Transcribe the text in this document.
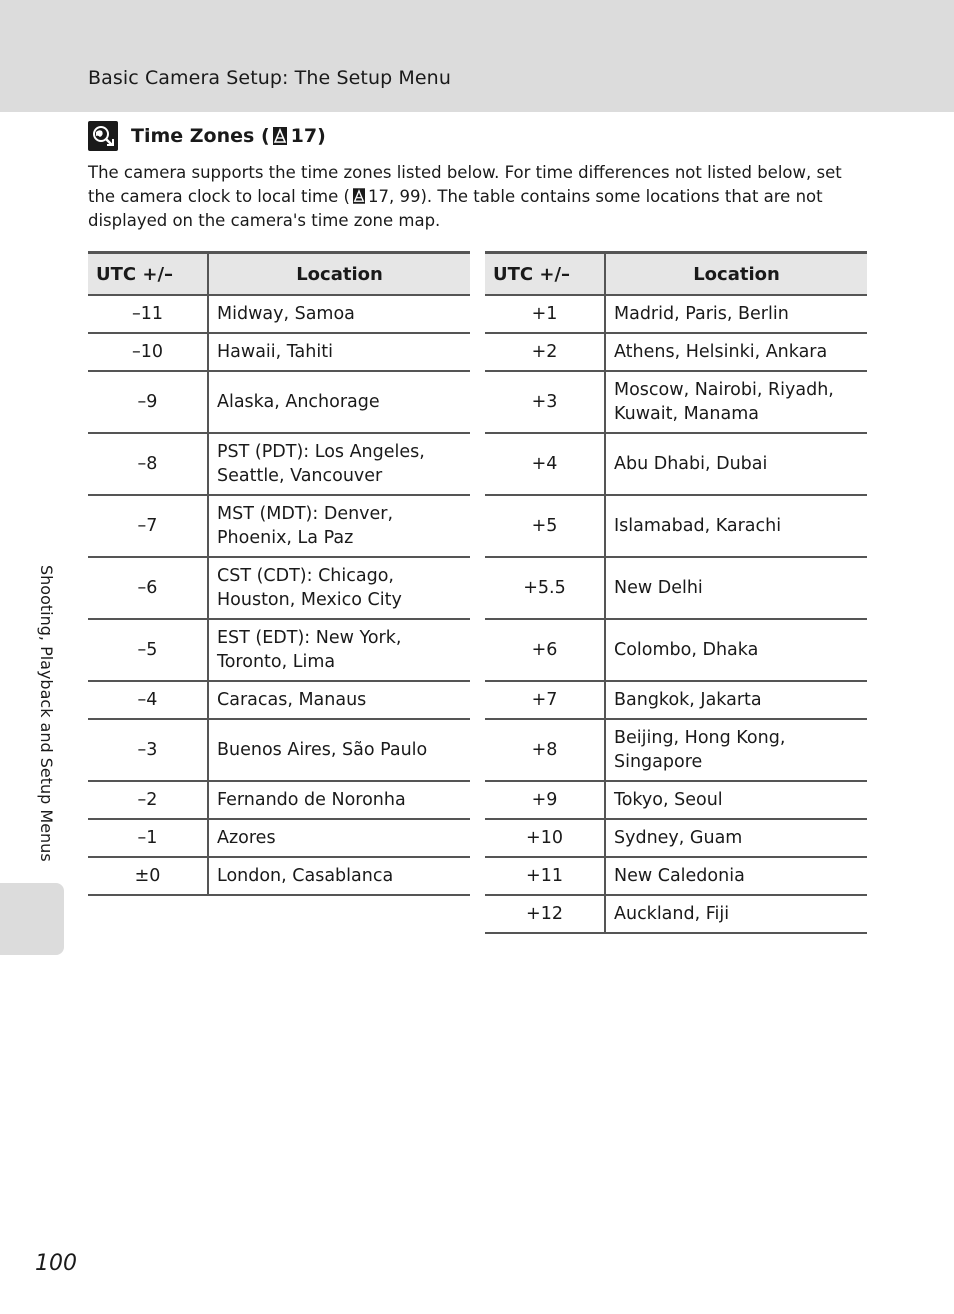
Basic Camera Setup: The Setup Menu
Time Zones ( 17)

The camera supports the time zones listed below. For time differences not listed below, set the camera clock to local time ( 17, 99). The table contains some locations that are not displayed on the camera's time zone map.

UTC +/–	Location
–11	Midway, Samoa
–10	Hawaii, Tahiti
–9	Alaska, Anchorage
–8	PST (PDT): Los Angeles, Seattle, Vancouver
–7	MST (MDT): Denver, Phoenix, La Paz
–6	CST (CDT): Chicago, Houston, Mexico City
–5	EST (EDT): New York, Toronto, Lima
–4	Caracas, Manaus
–3	Buenos Aires, São Paulo
–2	Fernando de Noronha
–1	Azores
±0	London, Casablanca
UTC +/–	Location
+1	Madrid, Paris, Berlin
+2	Athens, Helsinki, Ankara
+3	Moscow, Nairobi, Riyadh, Kuwait, Manama
+4	Abu Dhabi, Dubai
+5	Islamabad, Karachi
+5.5	New Delhi
+6	Colombo, Dhaka
+7	Bangkok, Jakarta
+8	Beijing, Hong Kong, Singapore
+9	Tokyo, Seoul
+10	Sydney, Guam
+11	New Caledonia
+12	Auckland, Fiji
Shooting, Playback and Setup Menus
100
